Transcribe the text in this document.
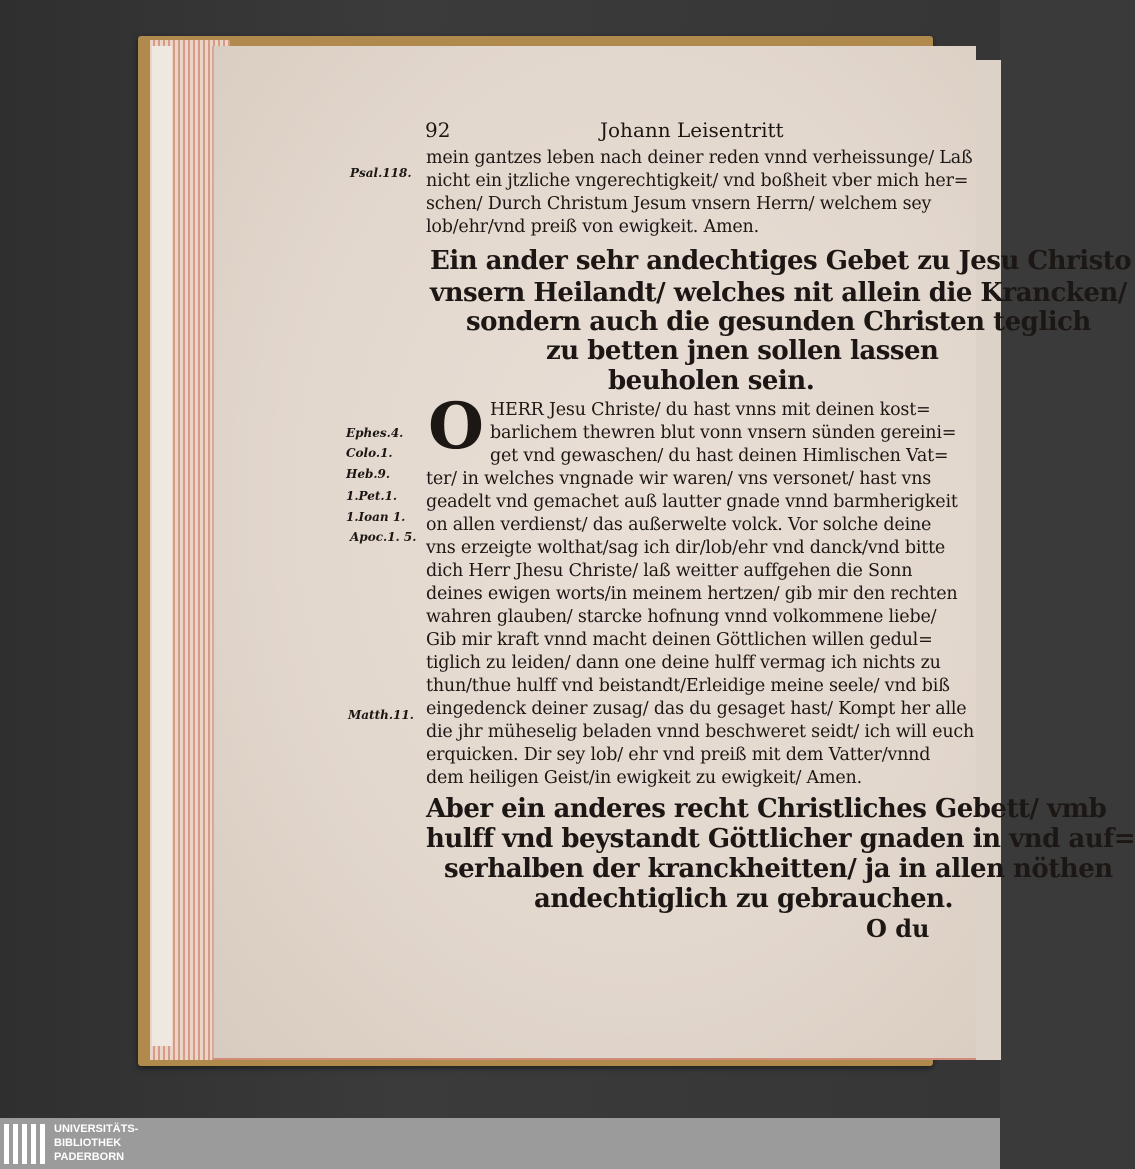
92	Johann Leisentritt
Psal.118.
Ephes.4.
Colo.1.
Heb.9.
1.Pet.1.
1.Ioan 1.
Apoc.1. 5.
Matth.11.
mein gantzes leben nach deiner reden vnnd verheissunge/ Laß
nicht ein jtzliche vngerechtigkeit/ vnd boßheit vber mich her=
schen/ Durch Christum Jesum vnsern Herrn/ welchem sey
lob/ehr/vnd preiß von ewigkeit. Amen.
Ein ander sehr andechtiges Gebet zu Jesu Christo
vnsern Heilandt/ welches nit allein die Krancken/
sondern auch die gesunden Christen teglich
zu betten jnen sollen lassen
beuholen sein.
O HERR Jesu Christe/ du hast vnns mit deinen kost=
barlichem thewren blut vonn vnsern sünden gereini=
get vnd gewaschen/ du hast deinen Himlischen Vat=
ter/ in welches vngnade wir waren/ vns versonet/ hast vns
geadelt vnd gemachet auß lautter gnade vnnd barmherigkeit
on allen verdienst/ das außerwelte volck. Vor solche deine
vns erzeigte wolthat/sag ich dir/lob/ehr vnd danck/vnd bitte
dich Herr Jhesu Christe/ laß weitter auffgehen die Sonn
deines ewigen worts/in meinem hertzen/ gib mir den rechten
wahren glauben/ starcke hofnung vnnd volkommene liebe/
Gib mir kraft vnnd macht deinen Göttlichen willen gedul=
tiglich zu leiden/ dann one deine hulff vermag ich nichts zu
thun/thue hulff vnd beistandt/Erleidige meine seele/ vnd biß
eingedenck deiner zusag/ das du gesaget hast/ Kompt her alle
die jhr müheselig beladen vnnd beschweret seidt/ ich will euch
erquicken. Dir sey lob/ ehr vnd preiß mit dem Vatter/vnnd
dem heiligen Geist/in ewigkeit zu ewigkeit/ Amen.
Aber ein anderes recht Christliches Gebett/ vmb
hulff vnd beystandt Göttlicher gnaden in vnd auf=
serhalben der kranckheitten/ ja in allen nöthen
andechtiglich zu gebrauchen.
O du
UNIVERSITÄTS-
BIBLIOTHEK
PADERBORN
